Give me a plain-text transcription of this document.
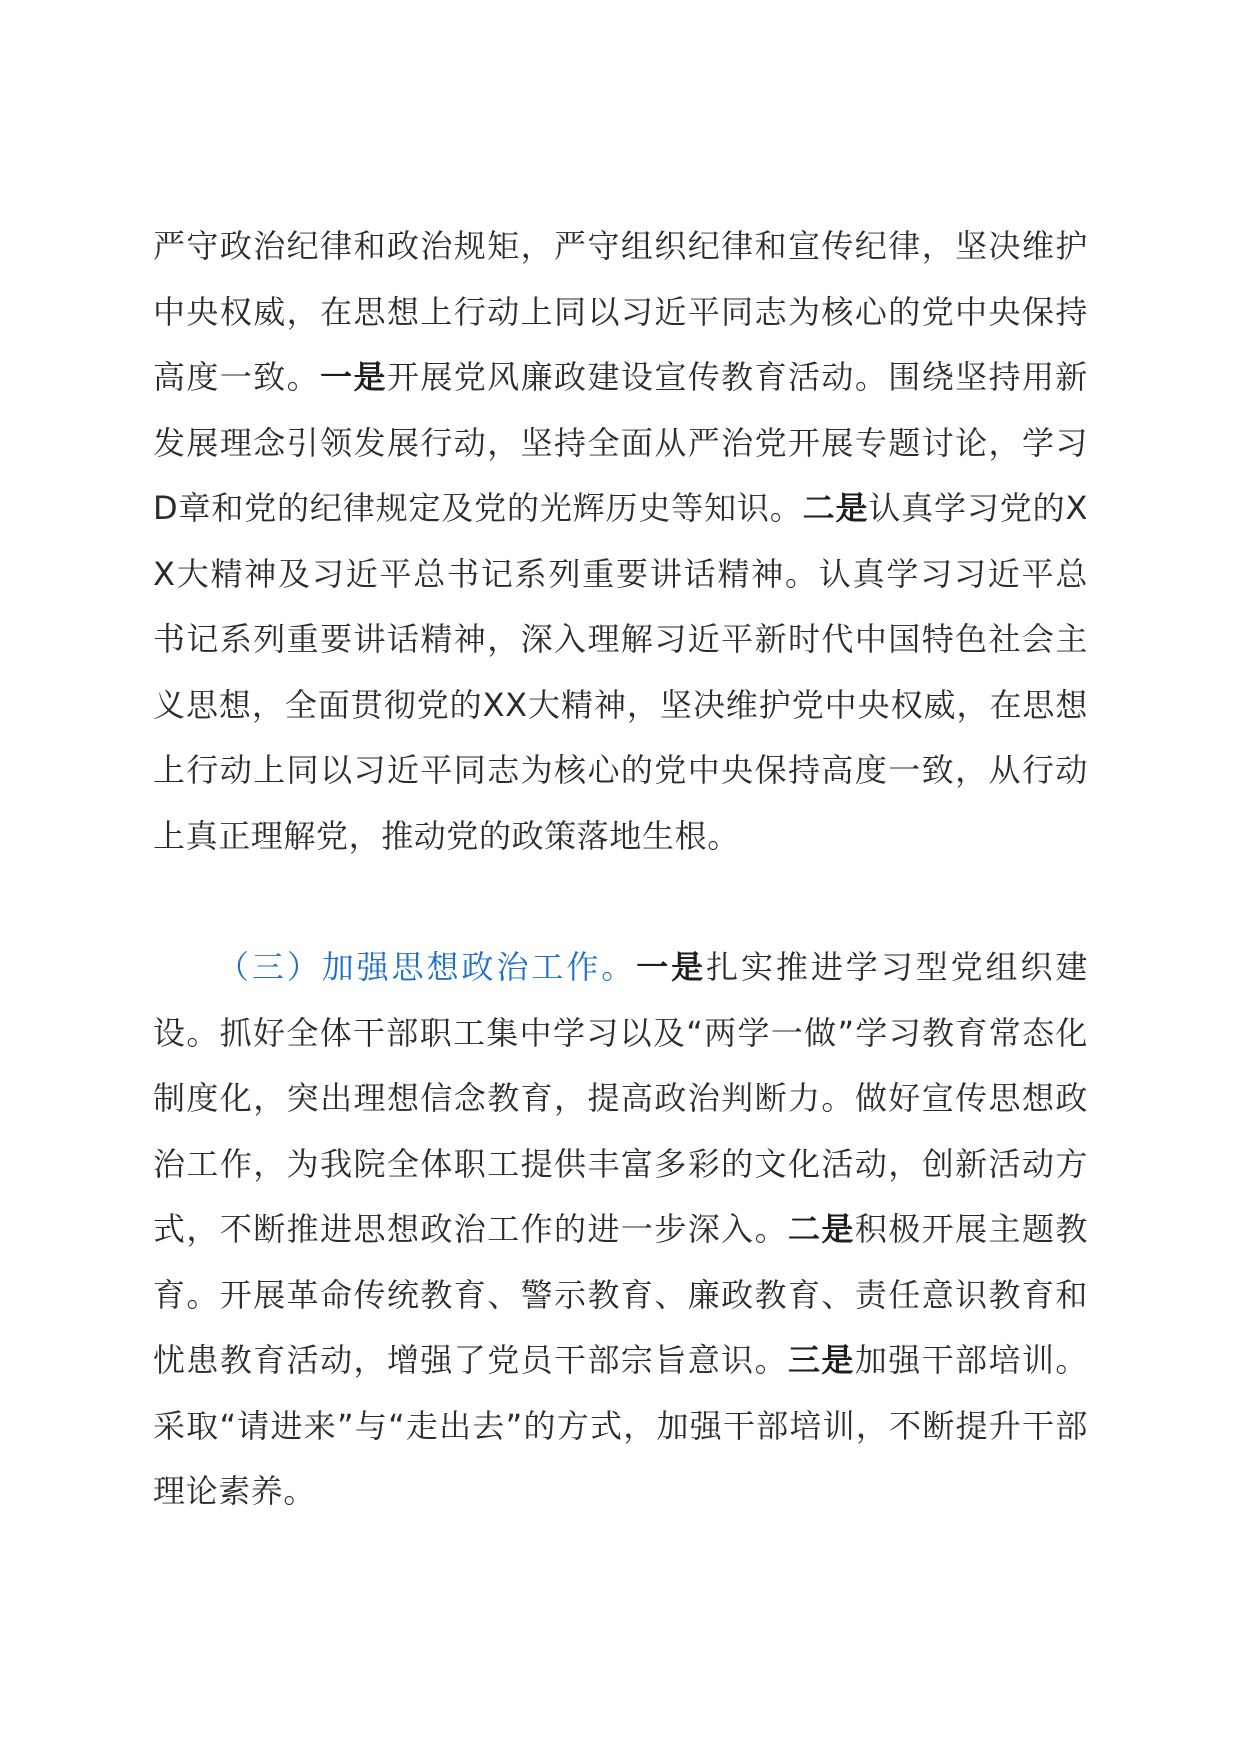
严守政治纪律和政治规矩，严守组织纪律和宣传纪律，坚决维护中央权威，在思想上行动上同以习近平同志为核心的党中央保持高度一致。一是开展党风廉政建设宣传教育活动。围绕坚持用新发展理念引领发展行动，坚持全面从严治党开展专题讨论，学习D章和党的纪律规定及党的光辉历史等知识。二是认真学习党的XX大精神及习近平总书记系列重要讲话精神。认真学习习近平总书记系列重要讲话精神，深入理解习近平新时代中国特色社会主义思想，全面贯彻党的XX大精神，坚决维护党中央权威，在思想上行动上同以习近平同志为核心的党中央保持高度一致，从行动上真正理解党，推动党的政策落地生根。

（三）加强思想政治工作。一是扎实推进学习型党组织建设。抓好全体干部职工集中学习以及“两学一做”学习教育常态化制度化，突出理想信念教育，提高政治判断力。做好宣传思想政治工作，为我院全体职工提供丰富多彩的文化活动，创新活动方式，不断推进思想政治工作的进一步深入。二是积极开展主题教育。开展革命传统教育、警示教育、廉政教育、责任意识教育和忧患教育活动，增强了党员干部宗旨意识。三是加强干部培训。采取“请进来”与“走出去”的方式，加强干部培训，不断提升干部理论素养。
